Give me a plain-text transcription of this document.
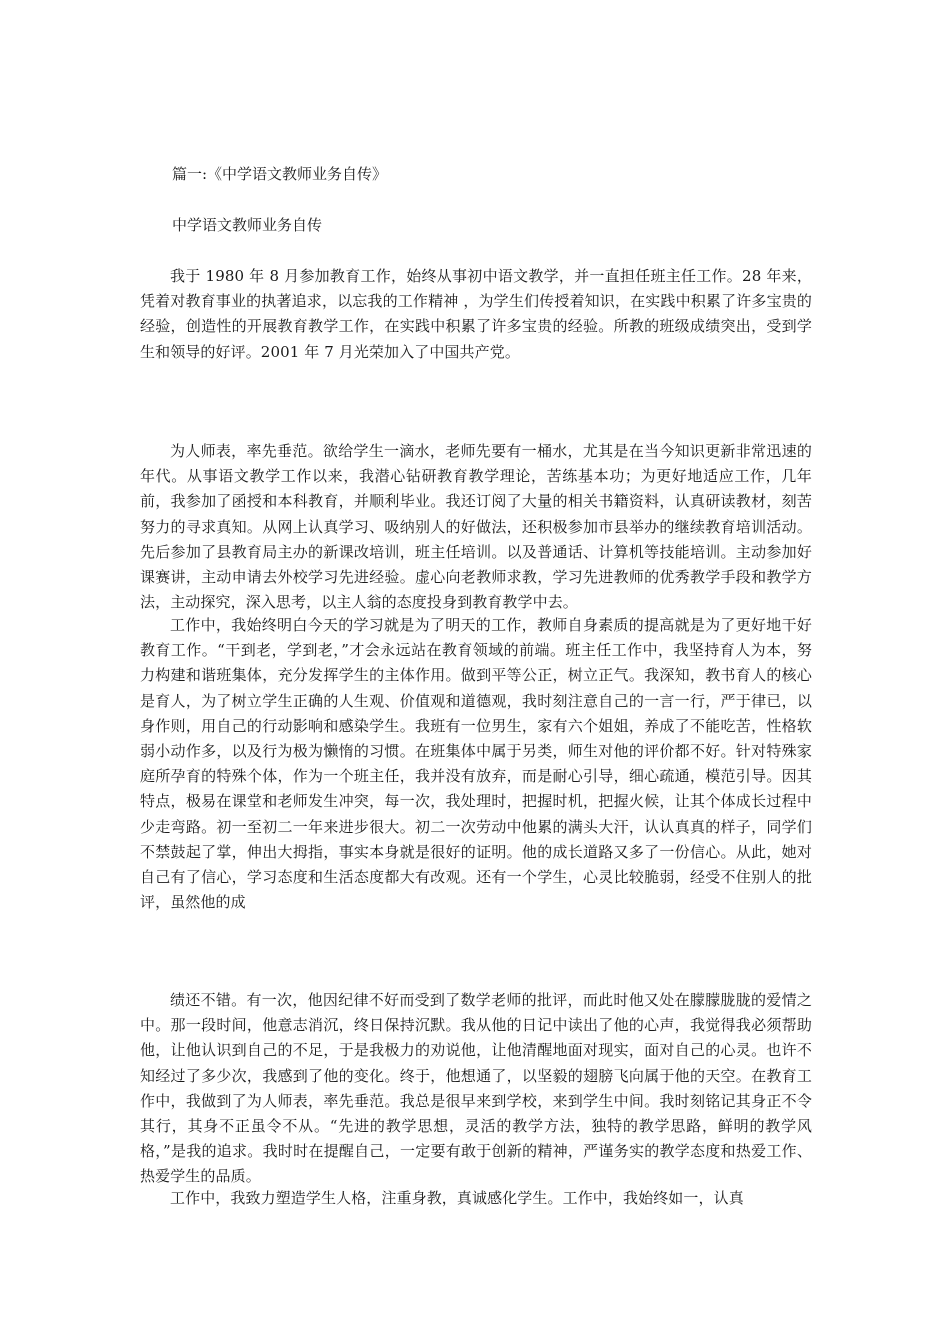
篇一:《中学语文教师业务自传》
中学语文教师业务自传

我于 1980 年 8 月参加教育工作，始终从事初中语文教学，并一直担任班主任工作。28 年来，凭着对教育事业的执著追求，以忘我的工作精神 ，为学生们传授着知识，在实践中积累了许多宝贵的经验，创造性的开展教育教学工作，在实践中积累了许多宝贵的经验。所教的班级成绩突出，受到学生和领导的好评。2001 年 7 月光荣加入了中国共产党。

为人师表，率先垂范。欲给学生一滴水，老师先要有一桶水，尤其是在当今知识更新非常迅速的年代。从事语文教学工作以来，我潜心钻研教育教学理论，苦练基本功；为更好地适应工作，几年前，我参加了函授和本科教育，并顺利毕业。我还订阅了大量的相关书籍资料，认真研读教材，刻苦努力的寻求真知。从网上认真学习、吸纳别人的好做法，还积极参加市县举办的继续教育培训活动。先后参加了县教育局主办的新课改培训，班主任培训。以及普通话、计算机等技能培训。主动参加好课赛讲，主动申请去外校学习先进经验。虚心向老教师求教，学习先进教师的优秀教学手段和教学方法，主动探究，深入思考，以主人翁的态度投身到教育教学中去。

工作中，我始终明白今天的学习就是为了明天的工作，教师自身素质的提高就是为了更好地干好教育工作。“干到老，学到老，”才会永远站在教育领域的前端。班主任工作中，我坚持育人为本，努力构建和谐班集体，充分发挥学生的主体作用。做到平等公正，树立正气。我深知，教书育人的核心是育人，为了树立学生正确的人生观、价值观和道德观，我时刻注意自己的一言一行，严于律已，以身作则，用自己的行动影响和感染学生。我班有一位男生，家有六个姐姐，养成了不能吃苦，性格软弱小动作多，以及行为极为懒惰的习惯。在班集体中属于另类，师生对他的评价都不好。针对特殊家庭所孕育的特殊个体，作为一个班主任，我并没有放弃，而是耐心引导，细心疏通，模范引导。因其特点，极易在课堂和老师发生冲突，每一次，我处理时，把握时机，把握火候，让其个体成长过程中少走弯路。初一至初二一年来进步很大。初二一次劳动中他累的满头大汗，认认真真的样子，同学们不禁鼓起了掌，伸出大拇指，事实本身就是很好的证明。他的成长道路又多了一份信心。从此，她对自己有了信心，学习态度和生活态度都大有改观。还有一个学生，心灵比较脆弱，经受不住别人的批评，虽然他的成

绩还不错。有一次，他因纪律不好而受到了数学老师的批评，而此时他又处在朦朦胧胧的爱情之中。那一段时间，他意志消沉，终日保持沉默。我从他的日记中读出了他的心声，我觉得我必须帮助他，让他认识到自己的不足，于是我极力的劝说他，让他清醒地面对现实，面对自己的心灵。也许不知经过了多少次，我感到了他的变化。终于，他想通了，以坚毅的翅膀飞向属于他的天空。在教育工作中，我做到了为人师表，率先垂范。我总是很早来到学校，来到学生中间。我时刻铭记其身正不令其行，其身不正虽令不从。“先进的教学思想，灵活的教学方法，独特的教学思路，鲜明的教学风格，”是我的追求。我时时在提醒自己，一定要有敢于创新的精神，严谨务实的教学态度和热爱工作、热爱学生的品质。

工作中，我致力塑造学生人格，注重身教，真诚感化学生。工作中，我始终如一，认真
